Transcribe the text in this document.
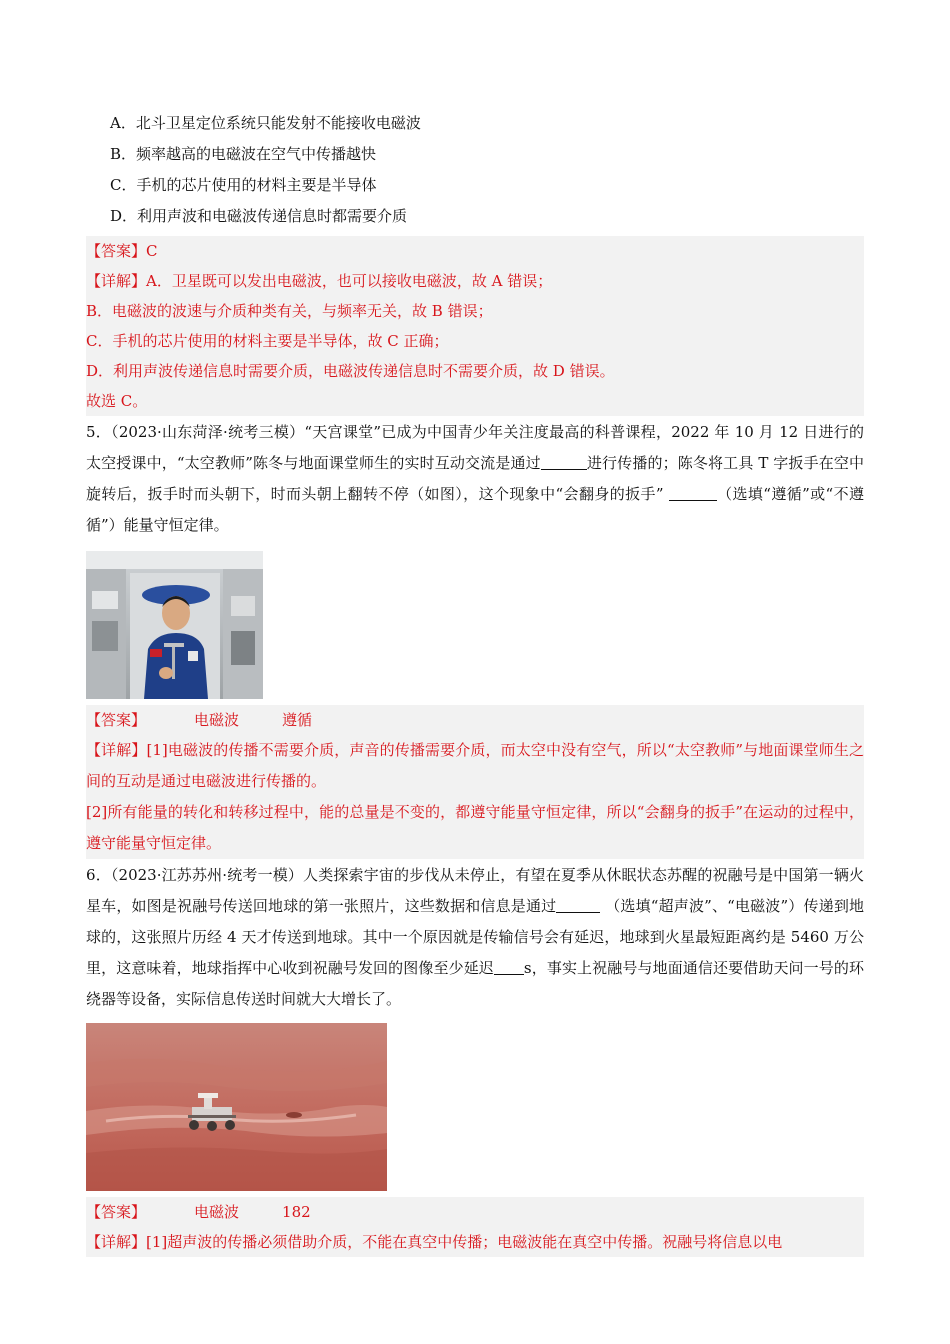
A．北斗卫星定位系统只能发射不能接收电磁波
B．频率越高的电磁波在空气中传播越快
C．手机的芯片使用的材料主要是半导体
D．利用声波和电磁波传递信息时都需要介质
【答案】C
【详解】A．卫星既可以发出电磁波，也可以接收电磁波，故 A 错误；
B．电磁波的波速与介质种类有关，与频率无关，故 B 错误；
C．手机的芯片使用的材料主要是半导体，故 C 正确；
D．利用声波传递信息时需要介质，电磁波传递信息时不需要介质，故 D 错误。
故选 C。

5．（2023·山东菏泽·统考三模）“天宫课堂”已成为中国青少年关注度最高的科普课程，2022 年 10 月 12 日进行的太空授课中，“太空教师”陈冬与地面课堂师生的实时互动交流是通过	进行传播的；陈冬将工具 T 字扳手在空中旋转后，扳手时而头朝下，时而头朝上翻转不停（如图），这个现象中“会翻身的扳手”	（选填“遵循”或“不遵循”）能量守恒定律。

【答案】	电磁波	遵循

【详解】[1]电磁波的传播不需要介质，声音的传播需要介质，而太空中没有空气，所以“太空教师”与地面课堂师生之间的互动是通过电磁波进行传播的。

[2]所有能量的转化和转移过程中，能的总量是不变的，都遵守能量守恒定律，所以“会翻身的扳手”在运动的过程中，遵守能量守恒定律。

6．（2023·江苏苏州·统考一模）人类探索宇宙的步伐从未停止，有望在夏季从休眠状态苏醒的祝融号是中国第一辆火星车，如图是祝融号传送回地球的第一张照片，这些数据和信息是通过	（选填“超声波”、“电磁波”）传递到地球的，这张照片历经 4 天才传送到地球。其中一个原因就是传输信号会有延迟，地球到火星最短距离约是 5460 万公里，这意味着，地球指挥中心收到祝融号发回的图像至少延迟 s，事实上祝融号与地面通信还要借助天问一号的环绕器等设备，实际信息传送时间就大大增长了。

【答案】	电磁波	182
【详解】[1]超声波的传播必须借助介质，不能在真空中传播；电磁波能在真空中传播。祝融号将信息以电
